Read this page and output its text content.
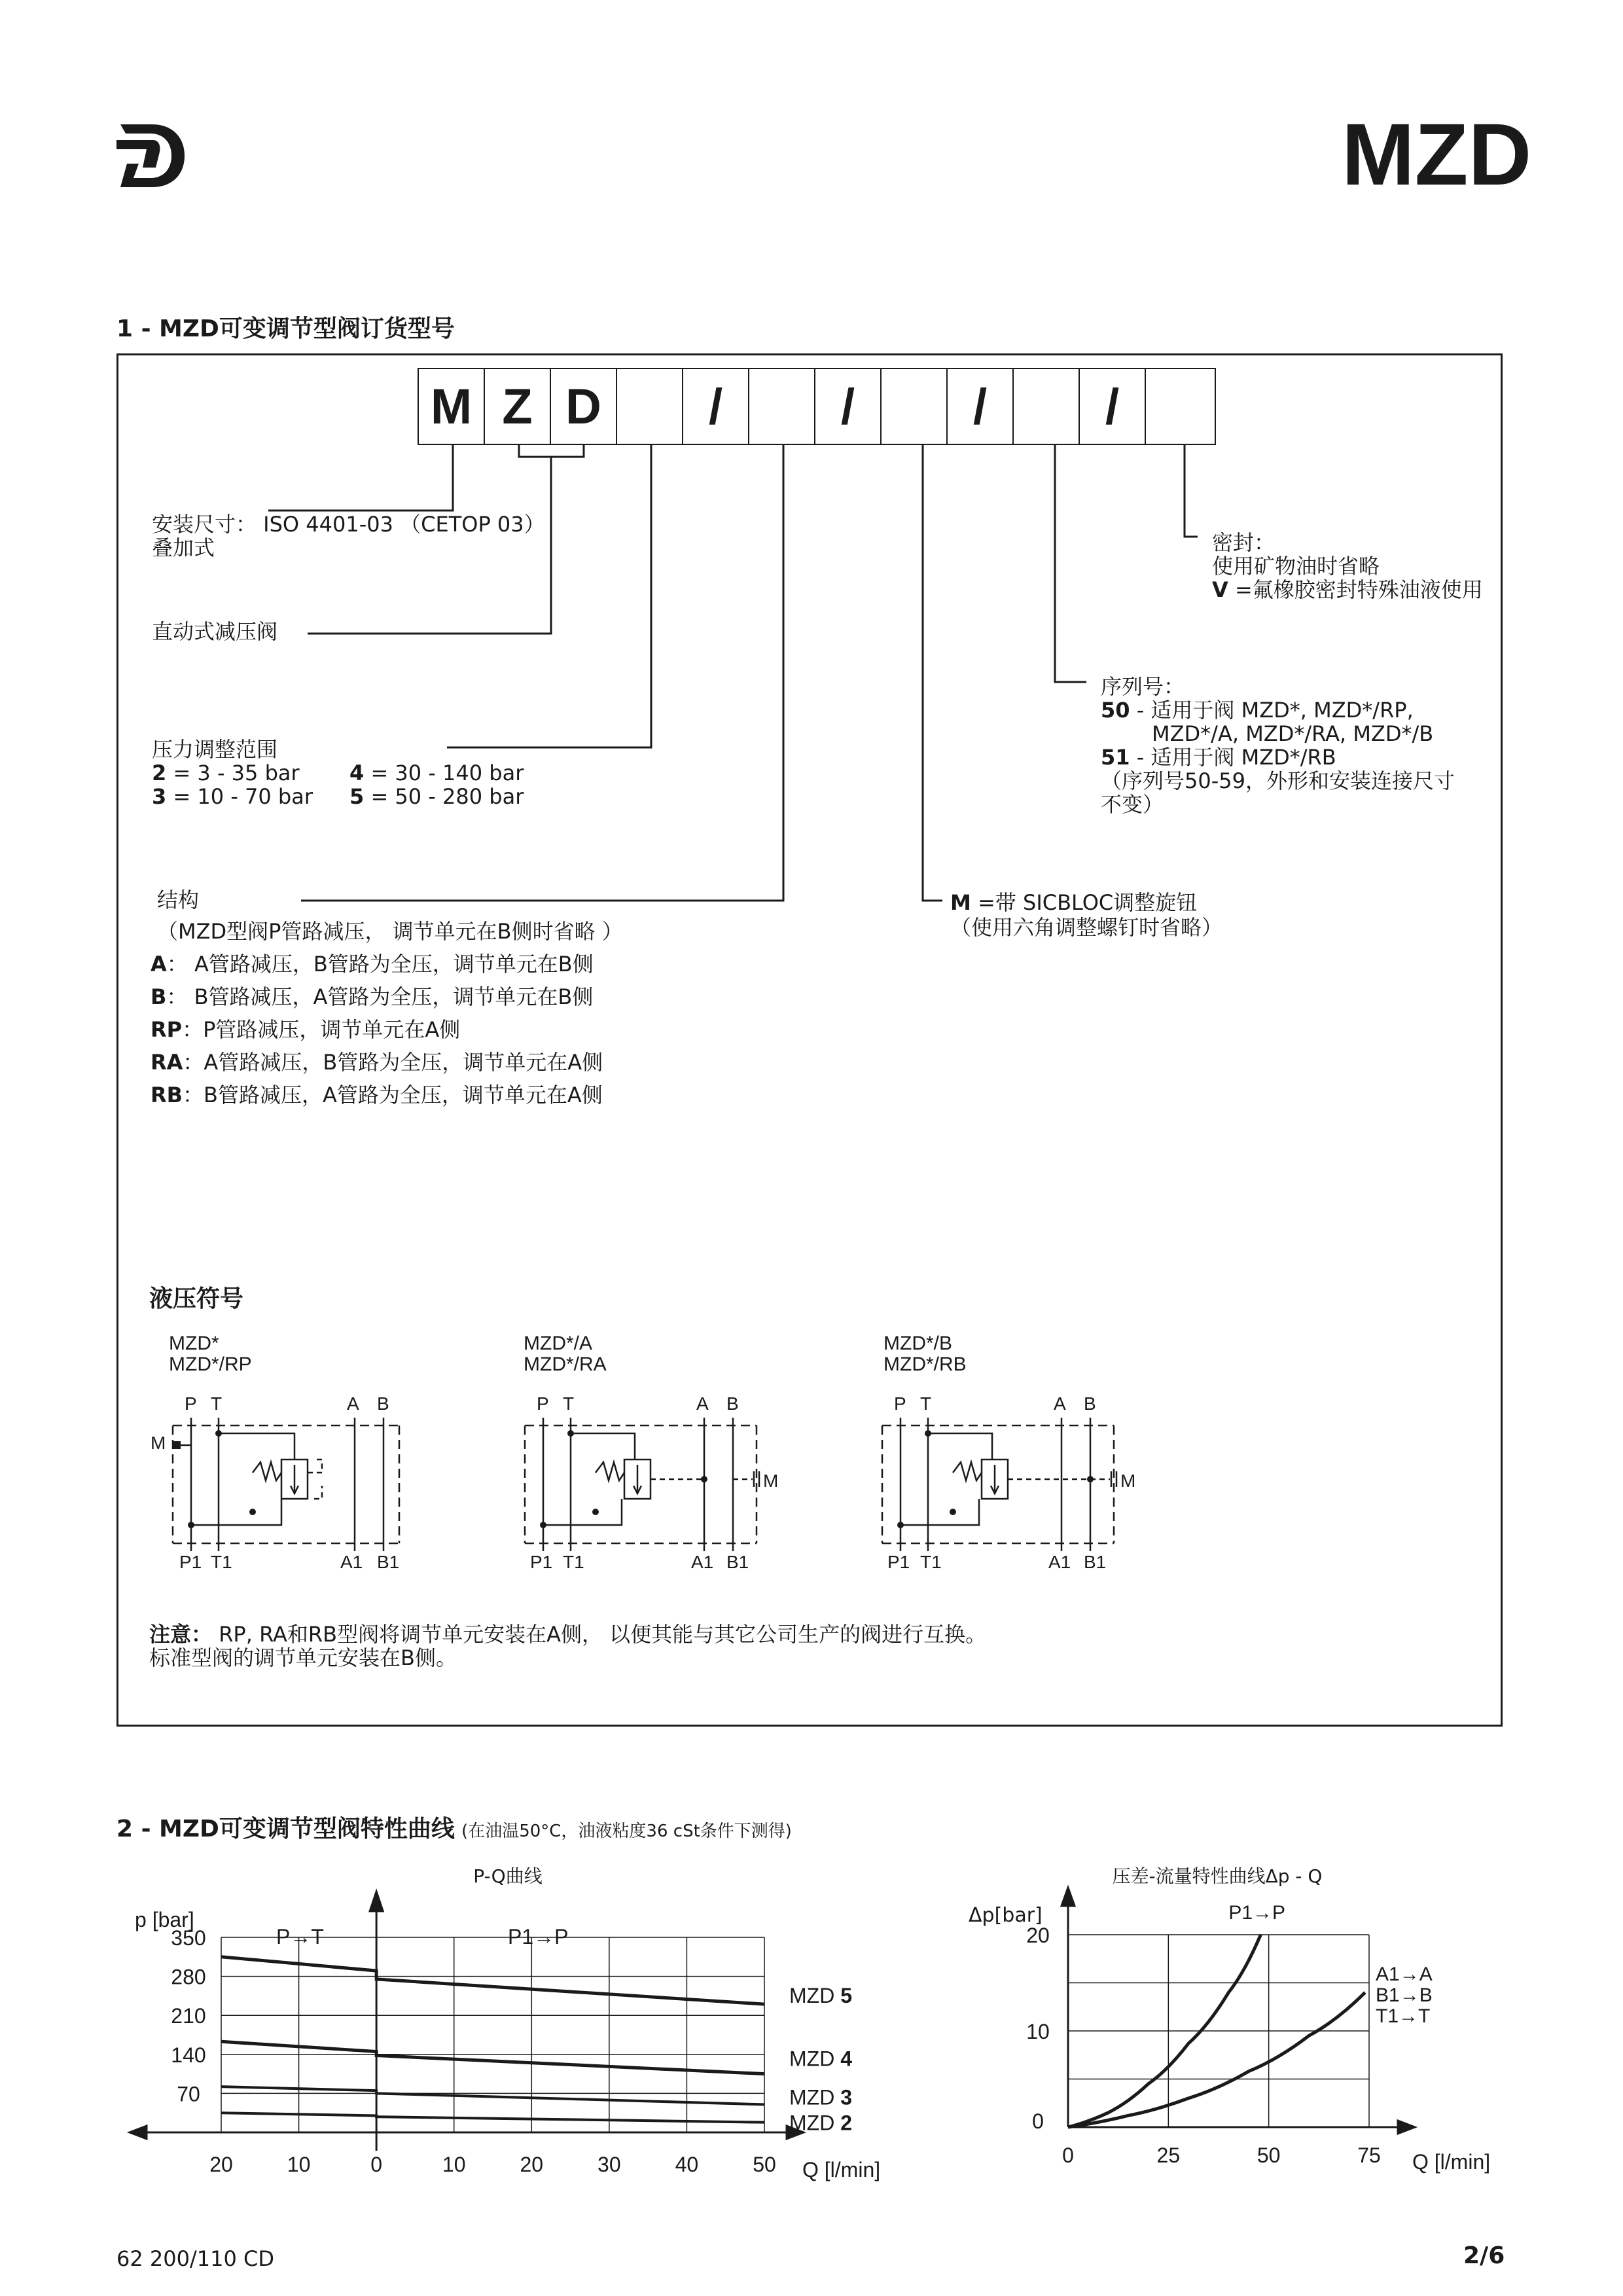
MZD
1 - MZD可变调节型阀订货型号
M Z D	/	/	/	/
安装尺寸： ISO 4401-03 （CETOP 03）
叠加式
直动式减压阀
压力调整范围
2 = 3 - 35 bar
3 = 10 - 70 bar
4 = 30 - 140 bar
5 = 50 - 280 bar
结构
（MZD型阀P管路减压， 调节单元在B侧时省略 ）
A： A管路减压，B管路为全压，调节单元在B侧
B： B管路减压，A管路为全压，调节单元在B侧
RP：P管路减压，调节单元在A侧
RA：A管路减压，B管路为全压，调节单元在A侧
RB：B管路减压，A管路为全压，调节单元在A侧
密封：
使用矿物油时省略
V =氟橡胶密封特殊油液使用
序列号：
50 - 适用于阀 MZD*, MZD*/RP,
MZD*/A, MZD*/RA, MZD*/B
51 - 适用于阀 MZD*/RB
（序列号50-59，外形和安装连接尺寸
不变）
M =带 SICBLOC调整旋钮
（使用六角调整螺钉时省略）
液压符号
MZD*
MZD*/RP
MZD*/A
MZD*/RA
MZD*/B
MZD*/RB
P T	A B
M
P1 T1	A1 B1
P T	A B
M
P1 T1	A1 B1
P T	A B
M
P1 T1	A1 B1
注意： RP, RA和RB型阀将调节单元安装在A侧， 以便其能与其它公司生产的阀进行互换。
标准型阀的调节单元安装在B侧。
2 - MZD可变调节型阀特性曲线 (在油温50°C，油液粘度36 cSt条件下测得)
P-Q曲线
p [bar]
Q [l/min]
P→T	P1→P
20	10	0	10	20	30	40	50
350
280
210
140
70
MZD 5
MZD 4
MZD 3
MZD 2
压差-流量特性曲线Δp - Q
Δp[bar]
Q [l/min]
0	25	50	75
0
10
20
P1→P
A1→A
B1→B
T1→T
62 200/110 CD	2/6
